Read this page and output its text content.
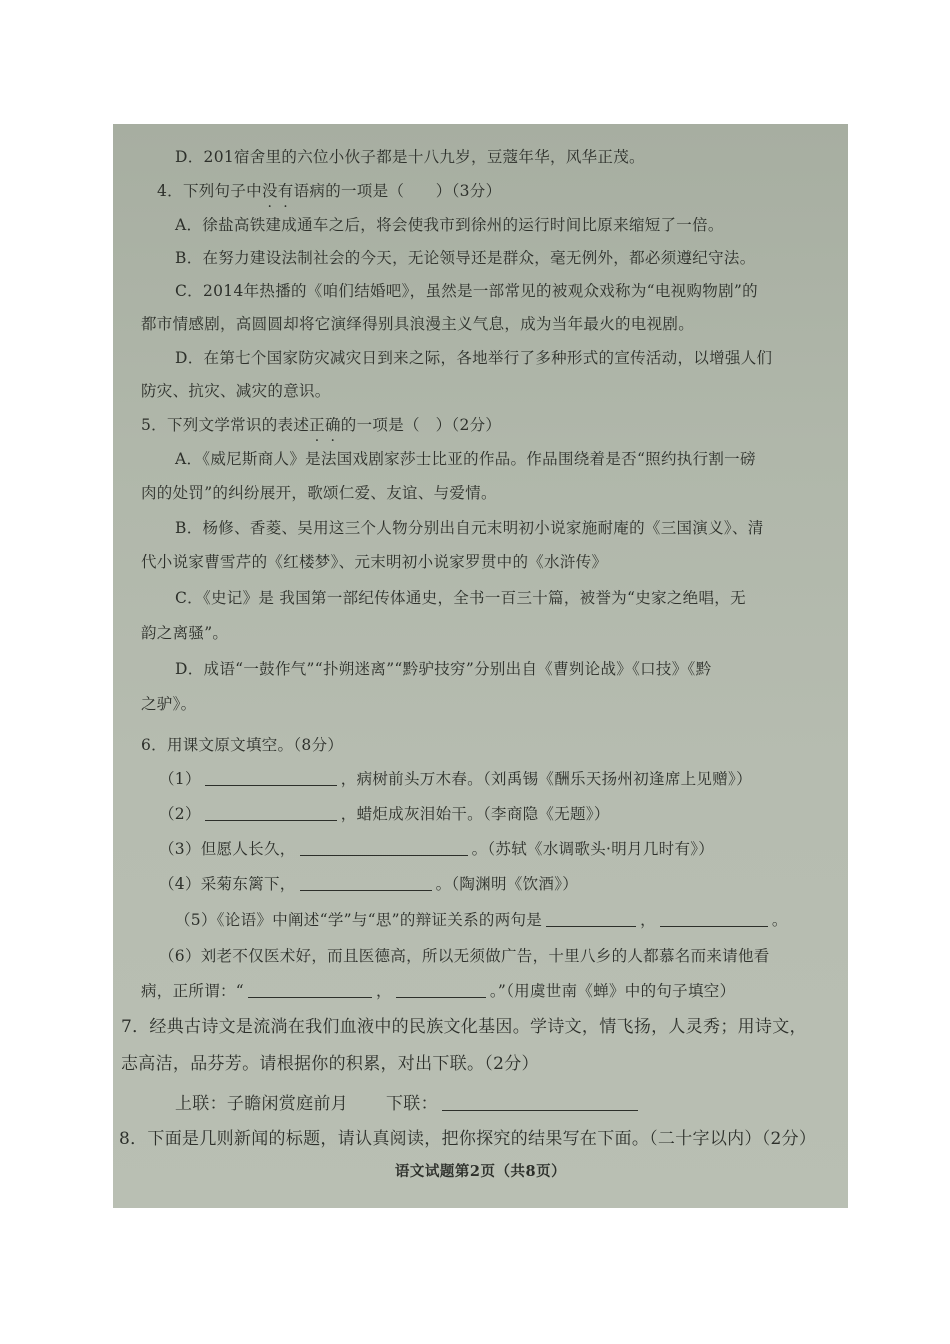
D．201宿舍里的六位小伙子都是十八九岁，豆蔻年华，风华正茂。
4．下列句子中没有语病的一项是（　　）（3分）
A．徐盐高铁建成通车之后，将会使我市到徐州的运行时间比原来缩短了一倍。
B．在努力建设法制社会的今天，无论领导还是群众，毫无例外，都必须遵纪守法。
C．2014年热播的《咱们结婚吧》，虽然是一部常见的被观众戏称为“电视购物剧”的
都市情感剧，高圆圆却将它演绎得别具浪漫主义气息，成为当年最火的电视剧。
D．在第七个国家防灾减灾日到来之际，各地举行了多种形式的宣传活动，以增强人们
防灾、抗灾、减灾的意识。
5．下列文学常识的表述正确的一项是（　）（2分）
A．《威尼斯商人》是法国戏剧家莎士比亚的作品。作品围绕着是否“照约执行割一磅
肉的处罚”的纠纷展开，歌颂仁爱、友谊、与爱情。
B．杨修、香菱、吴用这三个人物分别出自元末明初小说家施耐庵的《三国演义》、清
代小说家曹雪芹的《红楼梦》、元末明初小说家罗贯中的《水浒传》
C．《史记》是 我国第一部纪传体通史，全书一百三十篇，被誉为“史家之绝唱，无
韵之离骚”。
D．成语“一鼓作气”“扑朔迷离”“黔驴技穷”分别出自《曹刿论战》《口技》《黔
之驴》。
6．用课文原文填空。（8分）
（1）	，病树前头万木春。（刘禹锡《酬乐天扬州初逢席上见赠》）
（2）	，蜡炬成灰泪始干。（李商隐《无题》）
（3）但愿人长久，	。（苏轼《水调歌头·明月几时有》）
（4）采菊东篱下，	。（陶渊明《饮酒》）
（5）《论语》中阐述“学”与“思”的辩证关系的两句是	，	。
（6）刘老不仅医术好，而且医德高，所以无须做广告，十里八乡的人都慕名而来请他看
病，正所谓：“	，	。”（用虞世南《蝉》中的句子填空）
7．经典古诗文是流淌在我们血液中的民族文化基因。学诗文，情飞扬，人灵秀；用诗文，
志高洁，品芬芳。请根据你的积累，对出下联。（2分）
上联：子瞻闲赏庭前月 下联：
8．下面是几则新闻的标题，请认真阅读，把你探究的结果写在下面。（二十字以内）（2分）
语文试题第2页（共8页）
